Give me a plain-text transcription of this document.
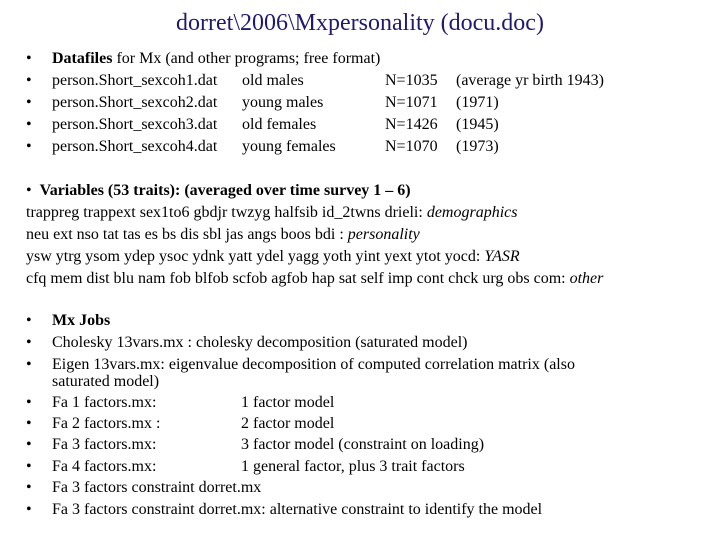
dorret\2006\Mxpersonality (docu.doc)
• Datafiles for Mx (and other programs; free format)
• person.Short_sexcoh1.dat old males	N=1035 (average yr birth 1943)
• person.Short_sexcoh2.dat young males	N=1071 (1971)
• person.Short_sexcoh3.dat old females	N=1426 (1945)
• person.Short_sexcoh4.dat young females	N=1070 (1973)
• Variables (53 traits): (averaged over time survey 1 – 6)
trappreg trappext sex1to6 gbdjr twzyg halfsib id_2twns drieli: demographics
neu ext nso tat tas es bs dis sbl jas angs boos bdi : personality
ysw ytrg ysom ydep ysoc ydnk yatt ydel yagg yoth yint yext ytot yocd: YASR
cfq mem dist blu nam fob blfob scfob agfob hap sat self imp cont chck urg obs com: other
• Mx Jobs
• Cholesky 13vars.mx : cholesky decomposition (saturated model)
• Eigen 13vars.mx: eigenvalue decomposition of computed correlation matrix (also
saturated model)
• Fa 1 factors.mx:	1 factor model
• Fa 2 factors.mx :	2 factor model
• Fa 3 factors.mx:	3 factor model (constraint on loading)
• Fa 4 factors.mx:	1 general factor, plus 3 trait factors
• Fa 3 factors constraint dorret.mx
• Fa 3 factors constraint dorret.mx: alternative constraint to identify the model
